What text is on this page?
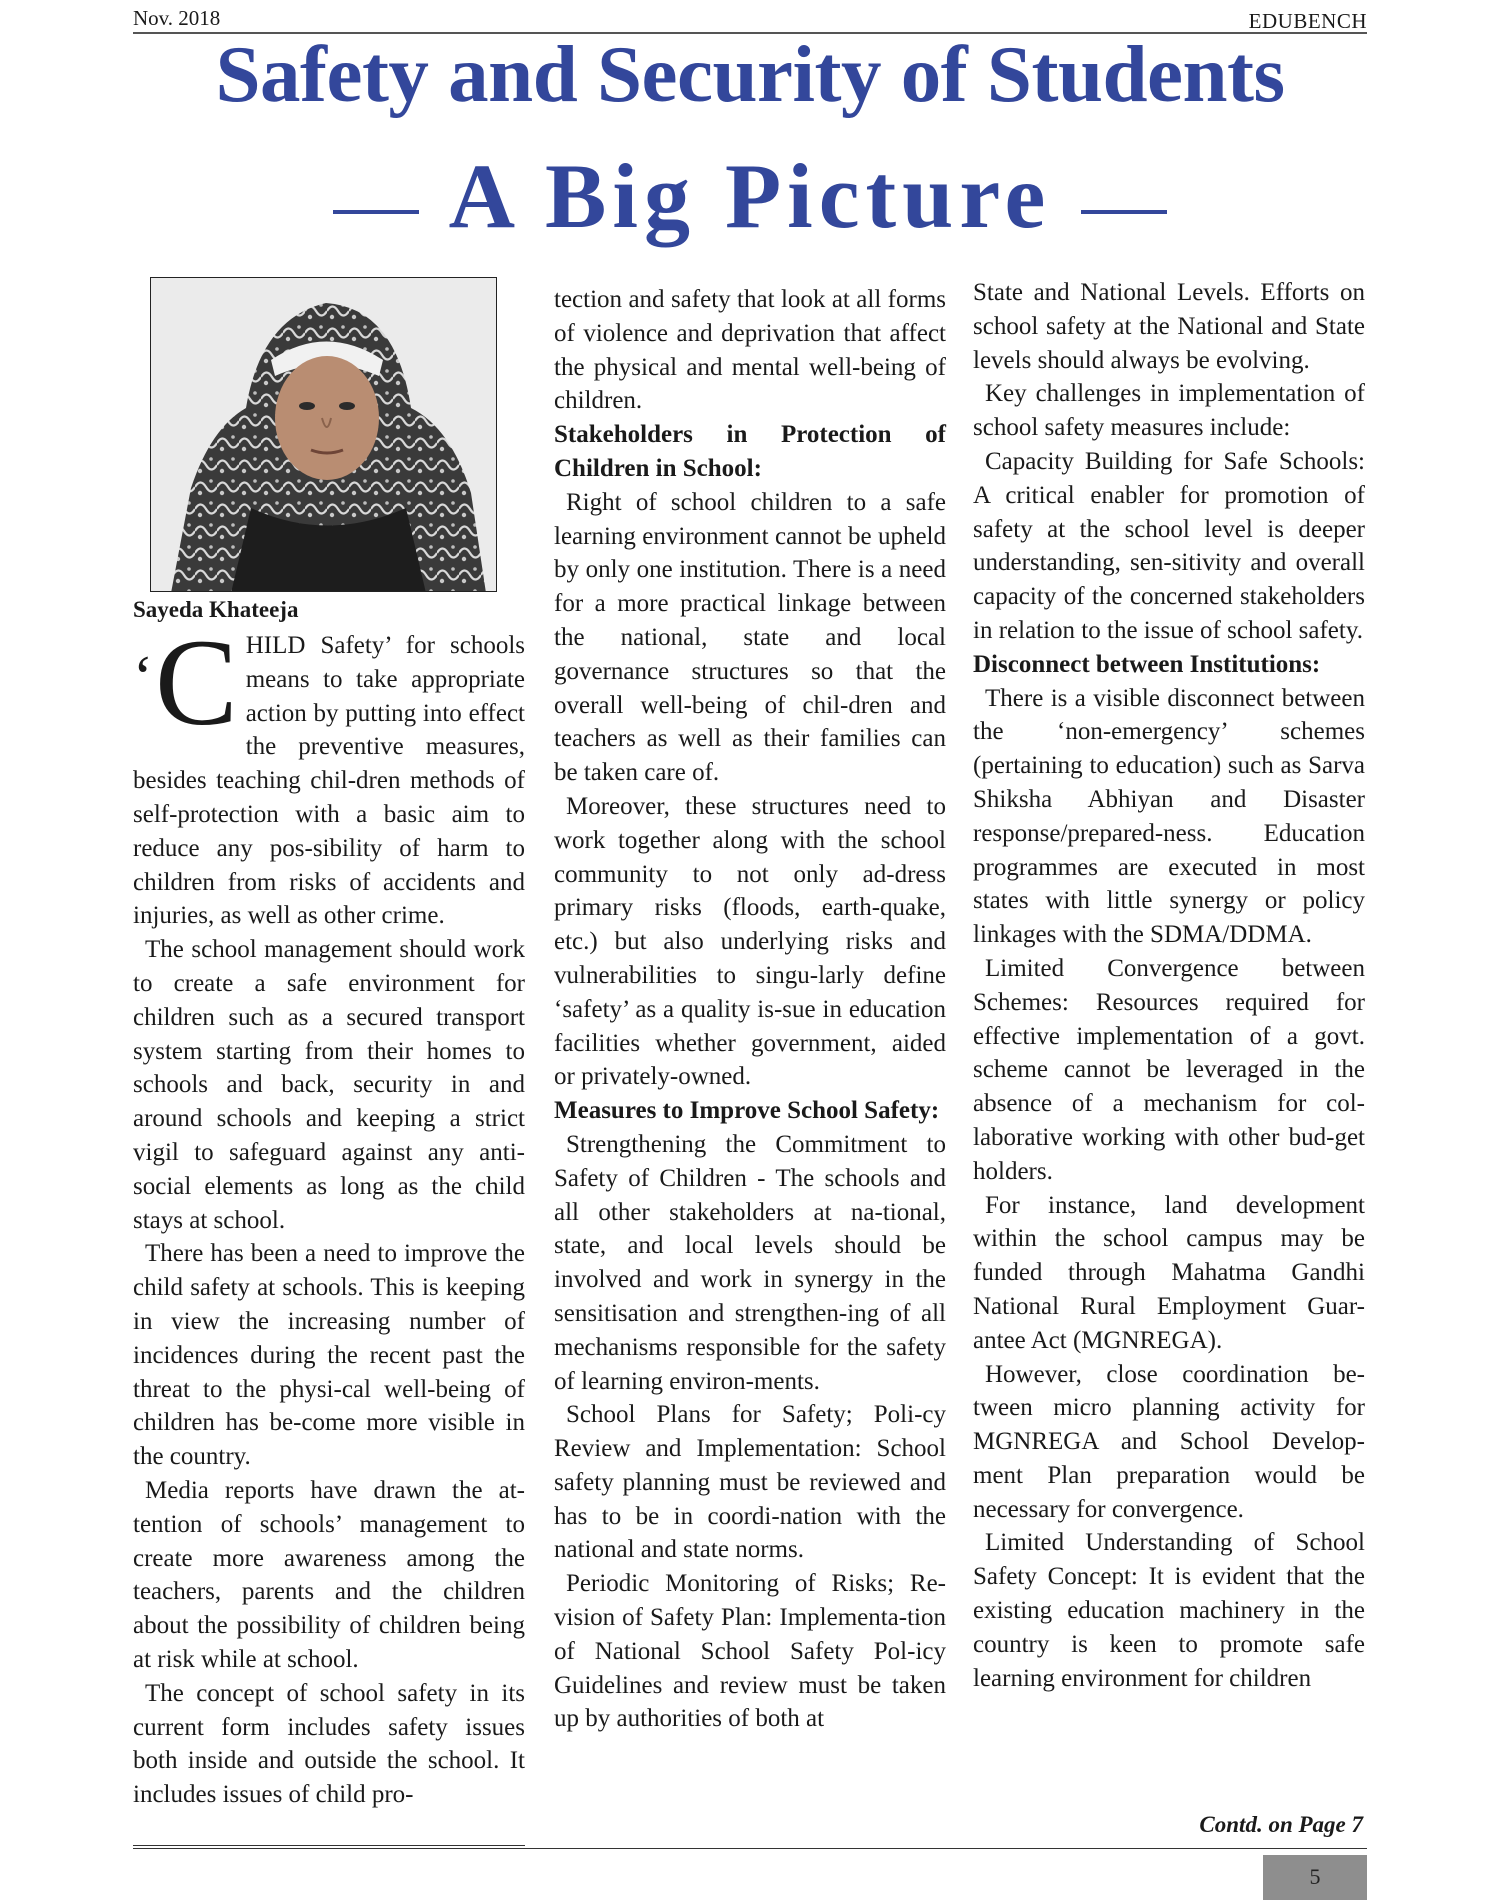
Nov. 2018	EDUBENCH
Safety and Security of Students
A Big Picture
Sayeda Khateeja

‘C HILD Safety’ for schools means to take appropriate action by putting into effect the preventive measures, besides teaching chil-dren methods of self-protection with a basic aim to reduce any pos-sibility of harm to children from risks of accidents and injuries, as well as other crime.

The school management should work to create a safe environment for children such as a secured transport system starting from their homes to schools and back, security in and around schools and keeping a strict vigil to safeguard against any anti-social elements as long as the child stays at school.

There has been a need to improve the child safety at schools. This is keeping in view the increasing number of incidences during the recent past the threat to the physi-cal well-being of children has be-come more visible in the country.

Media reports have drawn the at-tention of schools’ management to create more awareness among the teachers, parents and the children about the possibility of children being at risk while at school.

The concept of school safety in its current form includes safety issues both inside and outside the school. It includes issues of child pro-

tection and safety that look at all forms of violence and deprivation that affect the physical and mental well-being of children.

Stakeholders in Protection of Children in School:

Right of school children to a safe learning environment cannot be upheld by only one institution. There is a need for a more practical linkage between the national, state and local governance structures so that the overall well-being of chil-dren and teachers as well as their families can be taken care of.

Moreover, these structures need to work together along with the school community to not only ad-dress primary risks (floods, earth-quake, etc.) but also underlying risks and vulnerabilities to singu-larly define ‘safety’ as a quality is-sue in education facilities whether government, aided or privately-owned.

Measures to Improve School Safety:

Strengthening the Commitment to Safety of Children - The schools and all other stakeholders at na-tional, state, and local levels should be involved and work in synergy in the sensitisation and strengthen-ing of all mechanisms responsible for the safety of learning environ-ments.

School Plans for Safety; Poli-cy Review and Implementation: School safety planning must be reviewed and has to be in coordi-nation with the national and state norms.

Periodic Monitoring of Risks; Re-vision of Safety Plan: Implementa-tion of National School Safety Pol-icy Guidelines and review must be taken up by authorities of both at

State and National Levels. Efforts on school safety at the National and State levels should always be evolving.

Key challenges in implementation of school safety measures include:

Capacity Building for Safe Schools: A critical enabler for promotion of safety at the school level is deeper understanding, sen-sitivity and overall capacity of the concerned stakeholders in relation to the issue of school safety.

Disconnect between Institutions:

There is a visible disconnect between the ‘non-emergency’ schemes (pertaining to education) such as Sarva Shiksha Abhiyan and Disaster response/prepared-ness. Education programmes are executed in most states with little synergy or policy linkages with the SDMA/DDMA.

Limited Convergence between Schemes: Resources required for effective implementation of a govt. scheme cannot be leveraged in the absence of a mechanism for col-laborative working with other bud-get holders.

For instance, land development within the school campus may be funded through Mahatma Gandhi National Rural Employment Guar-antee Act (MGNREGA).

However, close coordination be-tween micro planning activity for MGNREGA and School Develop-ment Plan preparation would be necessary for convergence.

Limited Understanding of School Safety Concept: It is evident that the existing education machinery in the country is keen to promote safe learning environment for children

Contd. on Page 7
5
